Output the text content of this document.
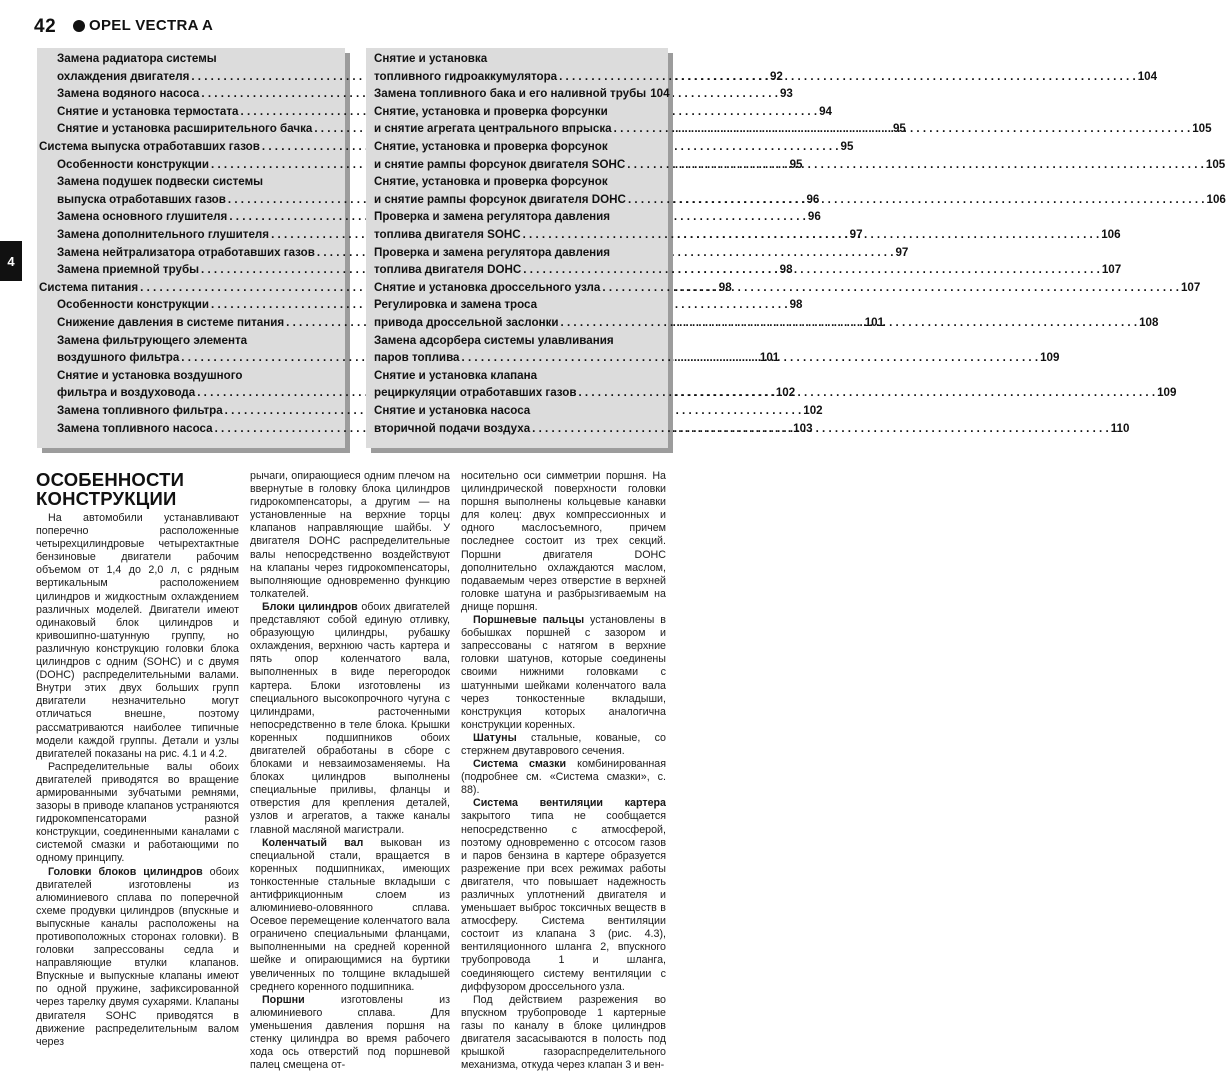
42 OPEL VECTRA A
4
Замена радиатора системы
охлаждения двигателя . . .	92
Замена водяного насоса . . .	93
Снятие и установка термостата . . .	94
Снятие и установка расширительного бачка . . .	95
Система выпуска отработавших газов . . .	95
Особенности конструкции . . .	95
Замена подушек подвески системы
выпуска отработавших газов . . .	96
Замена основного глушителя . . .	96
Замена дополнительного глушителя . . .	97
Замена нейтрализатора отработавших газов . . .	97
Замена приемной трубы . . .	98
Система питания . . .	98
Особенности конструкции . . .	98
Снижение давления в системе питания . . .	101
Замена фильтрующего элемента
воздушного фильтра . . .	101
Снятие и установка воздушного
фильтра и воздуховода . . .	102
Замена топливного фильтра . . .	102
Замена топливного насоса . . .	103
Снятие и установка
топливного гидроаккумулятора . . .	104
Замена топливного бака и его наливной трубы 104
Снятие, установка и проверка форсунки
и снятие агрегата центрального впрыска . . .	105
Снятие, установка и проверка форсунок
и снятие рампы форсунок двигателя SOHC . . .	105
Снятие, установка и проверка форсунок
и снятие рампы форсунок двигателя DOHC . . .	106
Проверка и замена регулятора давления
топлива двигателя SOHC . . .	106
Проверка и замена регулятора давления
топлива двигателя DOHC . . .	107
Снятие и установка дроссельного узла . . .	107
Регулировка и замена троса
привода дроссельной заслонки . . .	108
Замена адсорбера системы улавливания
паров топлива . . .	109
Снятие и установка клапана
рециркуляции отработавших газов . . .	109
Снятие и установка насоса
вторичной подачи воздуха . . .	110
ОСОБЕННОСТИ
КОНСТРУКЦИИ

На автомобили устанавливают поперечно расположенные четырехцилиндровые четырехтактные бензиновые двигатели рабочим объемом от 1,4 до 2,0 л, с рядным вертикальным расположением цилиндров и жидкостным охлаждением различных моделей. Двигатели имеют одинаковый блок цилиндров и кривошипно-шатунную группу, но различную конструкцию головки блока цилиндров с одним (SOHC) и с двумя (DOHC) распределительными валами. Внутри этих двух больших групп двигатели незначительно могут отличаться внешне, поэтому рассматриваются наиболее типичные модели каждой группы. Детали и узлы двигателей показаны на рис. 4.1 и 4.2.

Распределительные валы обоих двигателей приводятся во вращение армированными зубчатыми ремнями, зазоры в приводе клапанов устраняются гидрокомпенсаторами разной конструкции, соединенными каналами с системой смазки и работающими по одному принципу.

Головки блоков цилиндров обоих двигателей изготовлены из алюминиевого сплава по поперечной схеме продувки цилиндров (впускные и выпускные каналы расположены на противоположных сторонах головки). В головки запрессованы седла и направляющие втулки клапанов. Впускные и выпускные клапаны имеют по одной пружине, зафиксированной через тарелку двумя сухарями. Клапаны двигателя SOHC приводятся в движение распределительным валом через

рычаги, опирающиеся одним плечом на ввернутые в головку блока цилиндров гидрокомпенсаторы, а другим — на установленные на верхние торцы клапанов направляющие шайбы. У двигателя DOHC распределительные валы непосредственно воздействуют на клапаны через гидрокомпенсаторы, выполняющие одновременно функцию толкателей.

Блоки цилиндров обоих двигателей представляют собой единую отливку, образующую цилиндры, рубашку охлаждения, верхнюю часть картера и пять опор коленчатого вала, выполненных в виде перегородок картера. Блоки изготовлены из специального высокопрочного чугуна с цилиндрами, расточенными непосредственно в теле блока. Крышки коренных подшипников обоих двигателей обработаны в сборе с блоками и невзаимозаменяемы. На блоках цилиндров выполнены специальные приливы, фланцы и отверстия для крепления деталей, узлов и агрегатов, а также каналы главной масляной магистрали.

Коленчатый вал выкован из специальной стали, вращается в коренных подшипниках, имеющих тонкостенные стальные вкладыши с антифрикционным слоем из алюминиево-оловянного сплава. Осевое перемещение коленчатого вала ограничено специальными фланцами, выполненными на средней коренной шейке и опирающимися на буртики увеличенных по толщине вкладышей среднего коренного подшипника.

Поршни изготовлены из алюминиевого сплава. Для уменьшения давления поршня на стенку цилиндра во время рабочего хода ось отверстий под поршневой палец смещена от-

носительно оси симметрии поршня. На цилиндрической поверхности головки поршня выполнены кольцевые канавки для колец: двух компрессионных и одного маслосъемного, причем последнее состоит из трех секций. Поршни двигателя DOHC дополнительно охлаждаются маслом, подаваемым через отверстие в верхней головке шатуна и разбрызгиваемым на днище поршня.

Поршневые пальцы установлены в бобышках поршней с зазором и запрессованы с натягом в верхние головки шатунов, которые соединены своими нижними головками с шатунными шейками коленчатого вала через тонкостенные вкладыши, конструкция которых аналогична конструкции коренных.

Шатуны стальные, кованые, со стержнем двутаврового сечения.

Система смазки комбинированная (подробнее см. «Система смазки», с. 88).

Система вентиляции картера закрытого типа не сообщается непосредственно с атмосферой, поэтому одновременно с отсосом газов и паров бензина в картере образуется разрежение при всех режимах работы двигателя, что повышает надежность различных уплотнений двигателя и уменьшает выброс токсичных веществ в атмосферу. Система вентиляции состоит из клапана 3 (рис. 4.3), вентиляционного шланга 2, впускного трубопровода 1 и шланга, соединяющего систему вентиляции с диффузором дроссельного узла.

Под действием разрежения во впускном трубопроводе 1 картерные газы по каналу в блоке цилиндров двигателя засасываются в полость под крышкой газораспределительного механизма, откуда через клапан 3 и вен-
